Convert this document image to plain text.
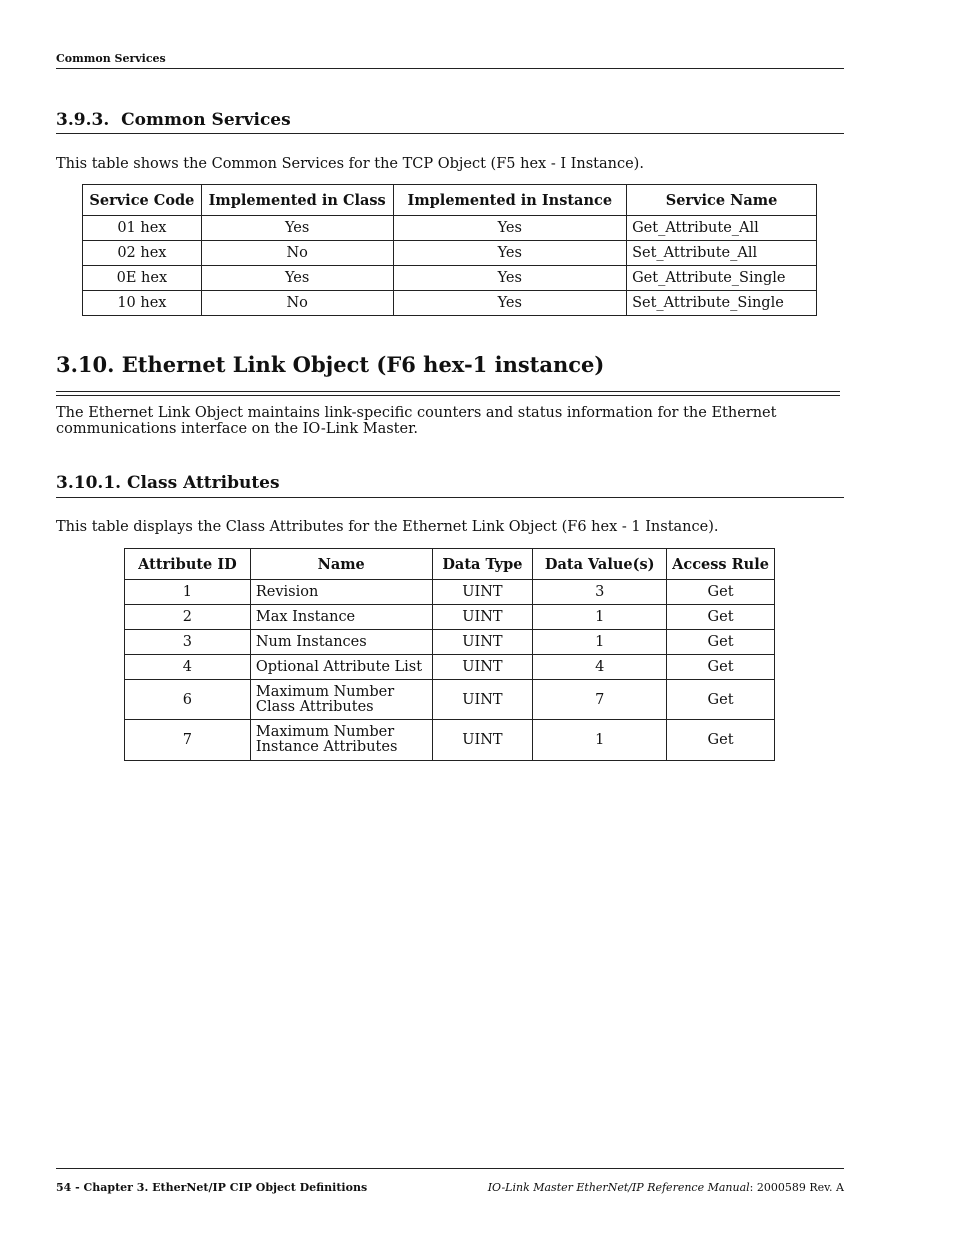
Common Services
3.9.3. Common Services
This table shows the Common Services for the TCP Object (F5 hex - I Instance).
Service Code	Implemented in Class	Implemented in Instance	Service Name
01 hex	Yes	Yes	Get_Attribute_All
02 hex	No	Yes	Set_Attribute_All
0E hex	Yes	Yes	Get_Attribute_Single
10 hex	No	Yes	Set_Attribute_Single
3.10. Ethernet Link Object (F6 hex-1 instance)
The Ethernet Link Object maintains link-specific counters and status information for the Ethernet
communications interface on the IO-Link Master.
3.10.1. Class Attributes
This table displays the Class Attributes for the Ethernet Link Object (F6 hex - 1 Instance).
Attribute ID	Name	Data Type	Data Value(s)	Access Rule
1	Revision	UINT	3	Get
2	Max Instance	UINT	1	Get
3	Num Instances	UINT	1	Get
4	Optional Attribute List	UINT	4	Get
6	Maximum Number
Class Attributes	UINT	7	Get
7	Maximum Number
Instance Attributes	UINT	1	Get
54 - Chapter 3. EtherNet/IP CIP Object Definitions	IO-Link Master EtherNet/IP Reference Manual: 2000589 Rev. A
